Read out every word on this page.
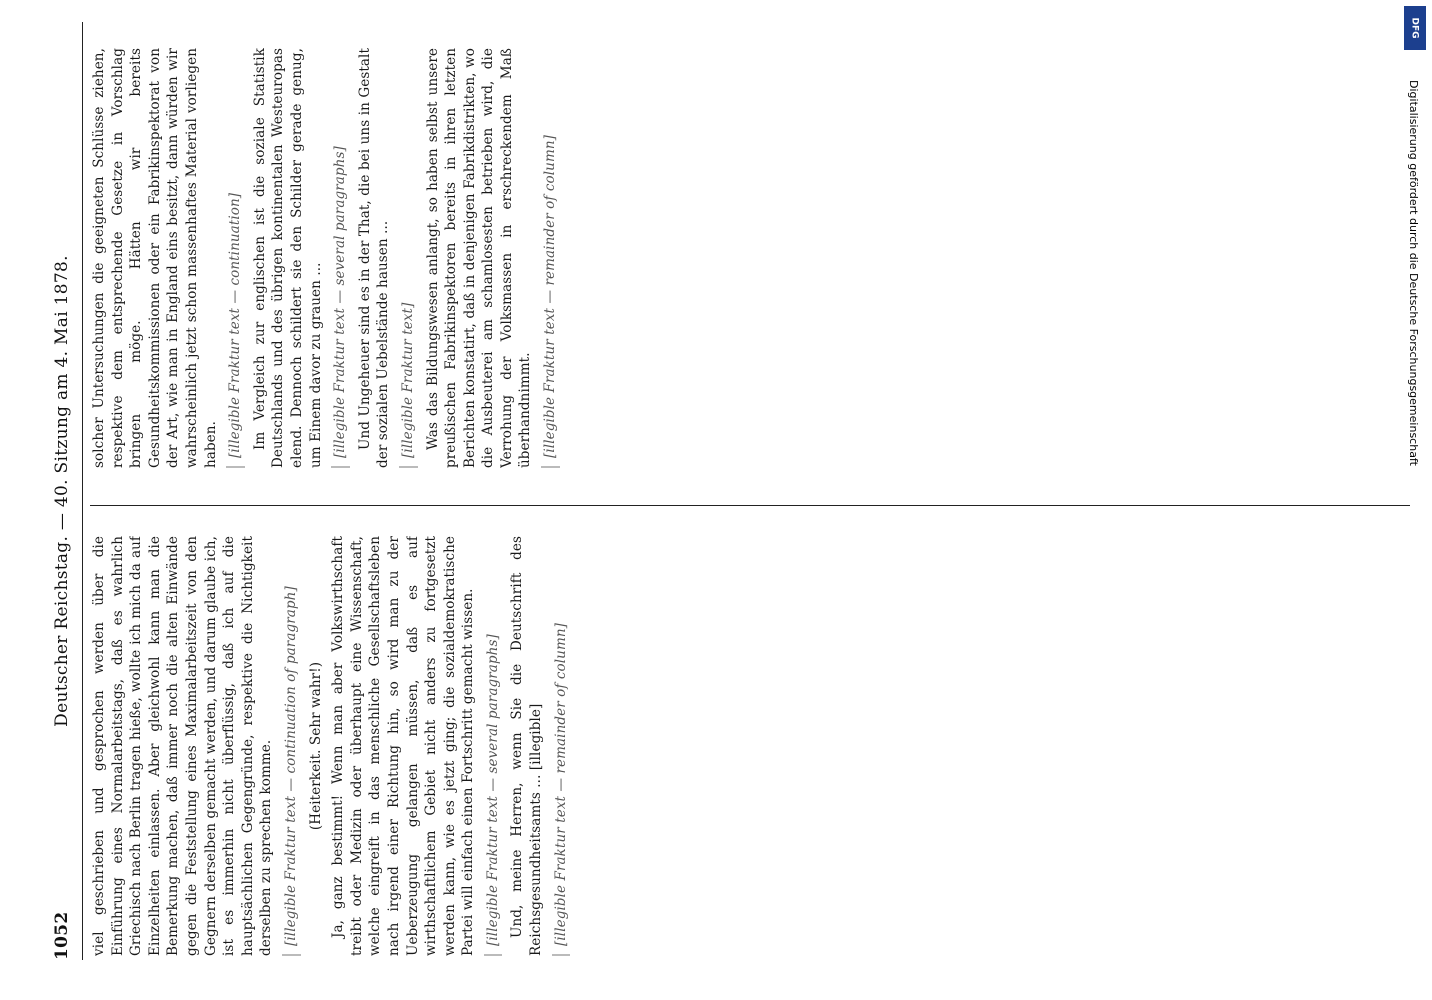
1052
Deutscher Reichstag. — 40. Sitzung am 4. Mai 1878.

viel geschrieben und gesprochen werden über die Einführung eines Normalarbeitstags, daß es wahrlich Griechisch nach Berlin tragen hieße, wollte ich mich da auf Einzelheiten einlassen. Aber gleichwohl kann man die Bemerkung machen, daß immer noch die alten Einwände gegen die Feststellung eines Maximalarbeitszeit von den Gegnern derselben gemacht werden, und darum glaube ich, ist es immerhin nicht überflüssig, daß ich auf die hauptsächlichen Gegengründe, respektive die Nichtigkeit derselben zu sprechen komme. [illegible Fraktur text — continuation of paragraph] (Heiterkeit. Sehr wahr!) Ja, ganz bestimmt! Wenn man aber Volkswirthschaft treibt oder Medizin oder überhaupt eine Wissenschaft, welche eingreift in das menschliche Gesellschaftsleben nach irgend einer Richtung hin, so wird man zu der Ueberzeugung gelangen müssen, daß es auf wirthschaftlichem Gebiet nicht anders zu fortgesetzt werden kann, wie es jetzt ging; die sozialdemokratische Partei will einfach einen Fortschritt gemacht wissen. [illegible Fraktur text — several paragraphs] Und, meine Herren, wenn Sie die Deutschrift des Reichsgesundheitsamts ... [illegible] [illegible Fraktur text — remainder of column]

solcher Untersuchungen die geeigneten Schlüsse ziehen, respektive dem entsprechende Gesetze in Vorschlag bringen möge. Hätten wir bereits Gesundheitskommissionen oder ein Fabrikinspektorat von der Art, wie man in England eins besitzt, dann würden wir wahrscheinlich jetzt schon massenhaftes Material vorliegen haben. [illegible Fraktur text — continuation] Im Vergleich zur englischen ist die soziale Statistik Deutschlands und des übrigen kontinentalen Westeuropas elend. Dennoch schildert sie den Schilder gerade genug, um Einem davor zu grauen ... [illegible Fraktur text — several paragraphs] Und Ungeheuer sind es in der That, die bei uns in Gestalt der sozialen Uebelstände hausen ... [illegible Fraktur text] Was das Bildungswesen anlangt, so haben selbst unsere preußischen Fabrikinspektoren bereits in ihren letzten Berichten konstatirt, daß in denjenigen Fabrikdistrikten, wo die Ausbeuterei am schamlosesten betrieben wird, die Verrohung der Volksmassen in erschreckendem Maß überhandnimmt. [illegible Fraktur text — remainder of column]

DFG
Digitalisierung gefördert durch die Deutsche Forschungsgemeinschaft
